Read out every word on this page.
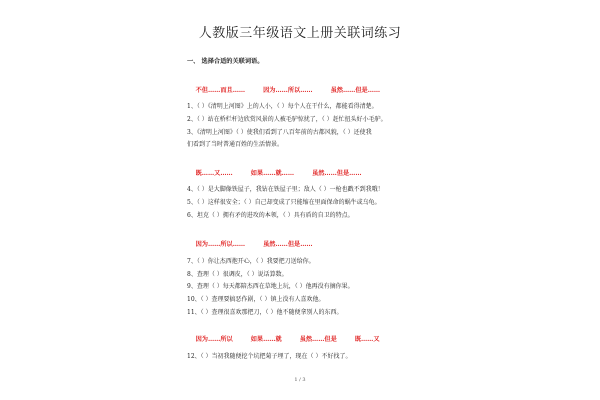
人教版三年级语文上册关联词练习
一、 选择合适的关联词语。

不但……而且……	因为……所以……	虽然……但是……

1、（ ）《清明上河图》上的人小，（ ）每个人在干什么，都能看得清楚。
2、（ ）站在桥栏杆边欣赏风景的人被毛驴惊扰了，（ ）赶忙扭头好小毛驴。
3、《清明上河图》（ ）使我们看到了八百年前的古都风貌，（ ）还使我
们看到了当时普通百姓的生活情景。

既……又……	如果……就……	虽然……但是……

4、（ ）是大脚像铁屋子，我钻在铁屋子里；敌人（ ）一枪也戳不到我哦！
5、（ ）这样很安全；（ ）自己却变成了只能缩在里面保命的蜗牛或乌龟。
6、坦克（ ）拥有矛的进攻的本领，（ ）具有盾的自卫的特点。

因为……所以……	虽然……但是……

7、（ ）你让杰西抱开心，（ ）我要把刀送给你。
8、查理（ ）很调皮，（ ）说话算数。
9、查理（ ）每天都陪杰西在草地上玩，（ ）他再没有摘你果。
10、（ ）查理要搞恶作剧，（ ）镇上没有人喜欢他。
11、（ ）查理很喜欢那把刀，（ ）他不随便拿别人的东西。

因为……所以	如果……就	虽然……但是	既……又

12、（ ）当初我随便挖个坑把菊子埋了，现在（ ）不好找了。
1 / 3
